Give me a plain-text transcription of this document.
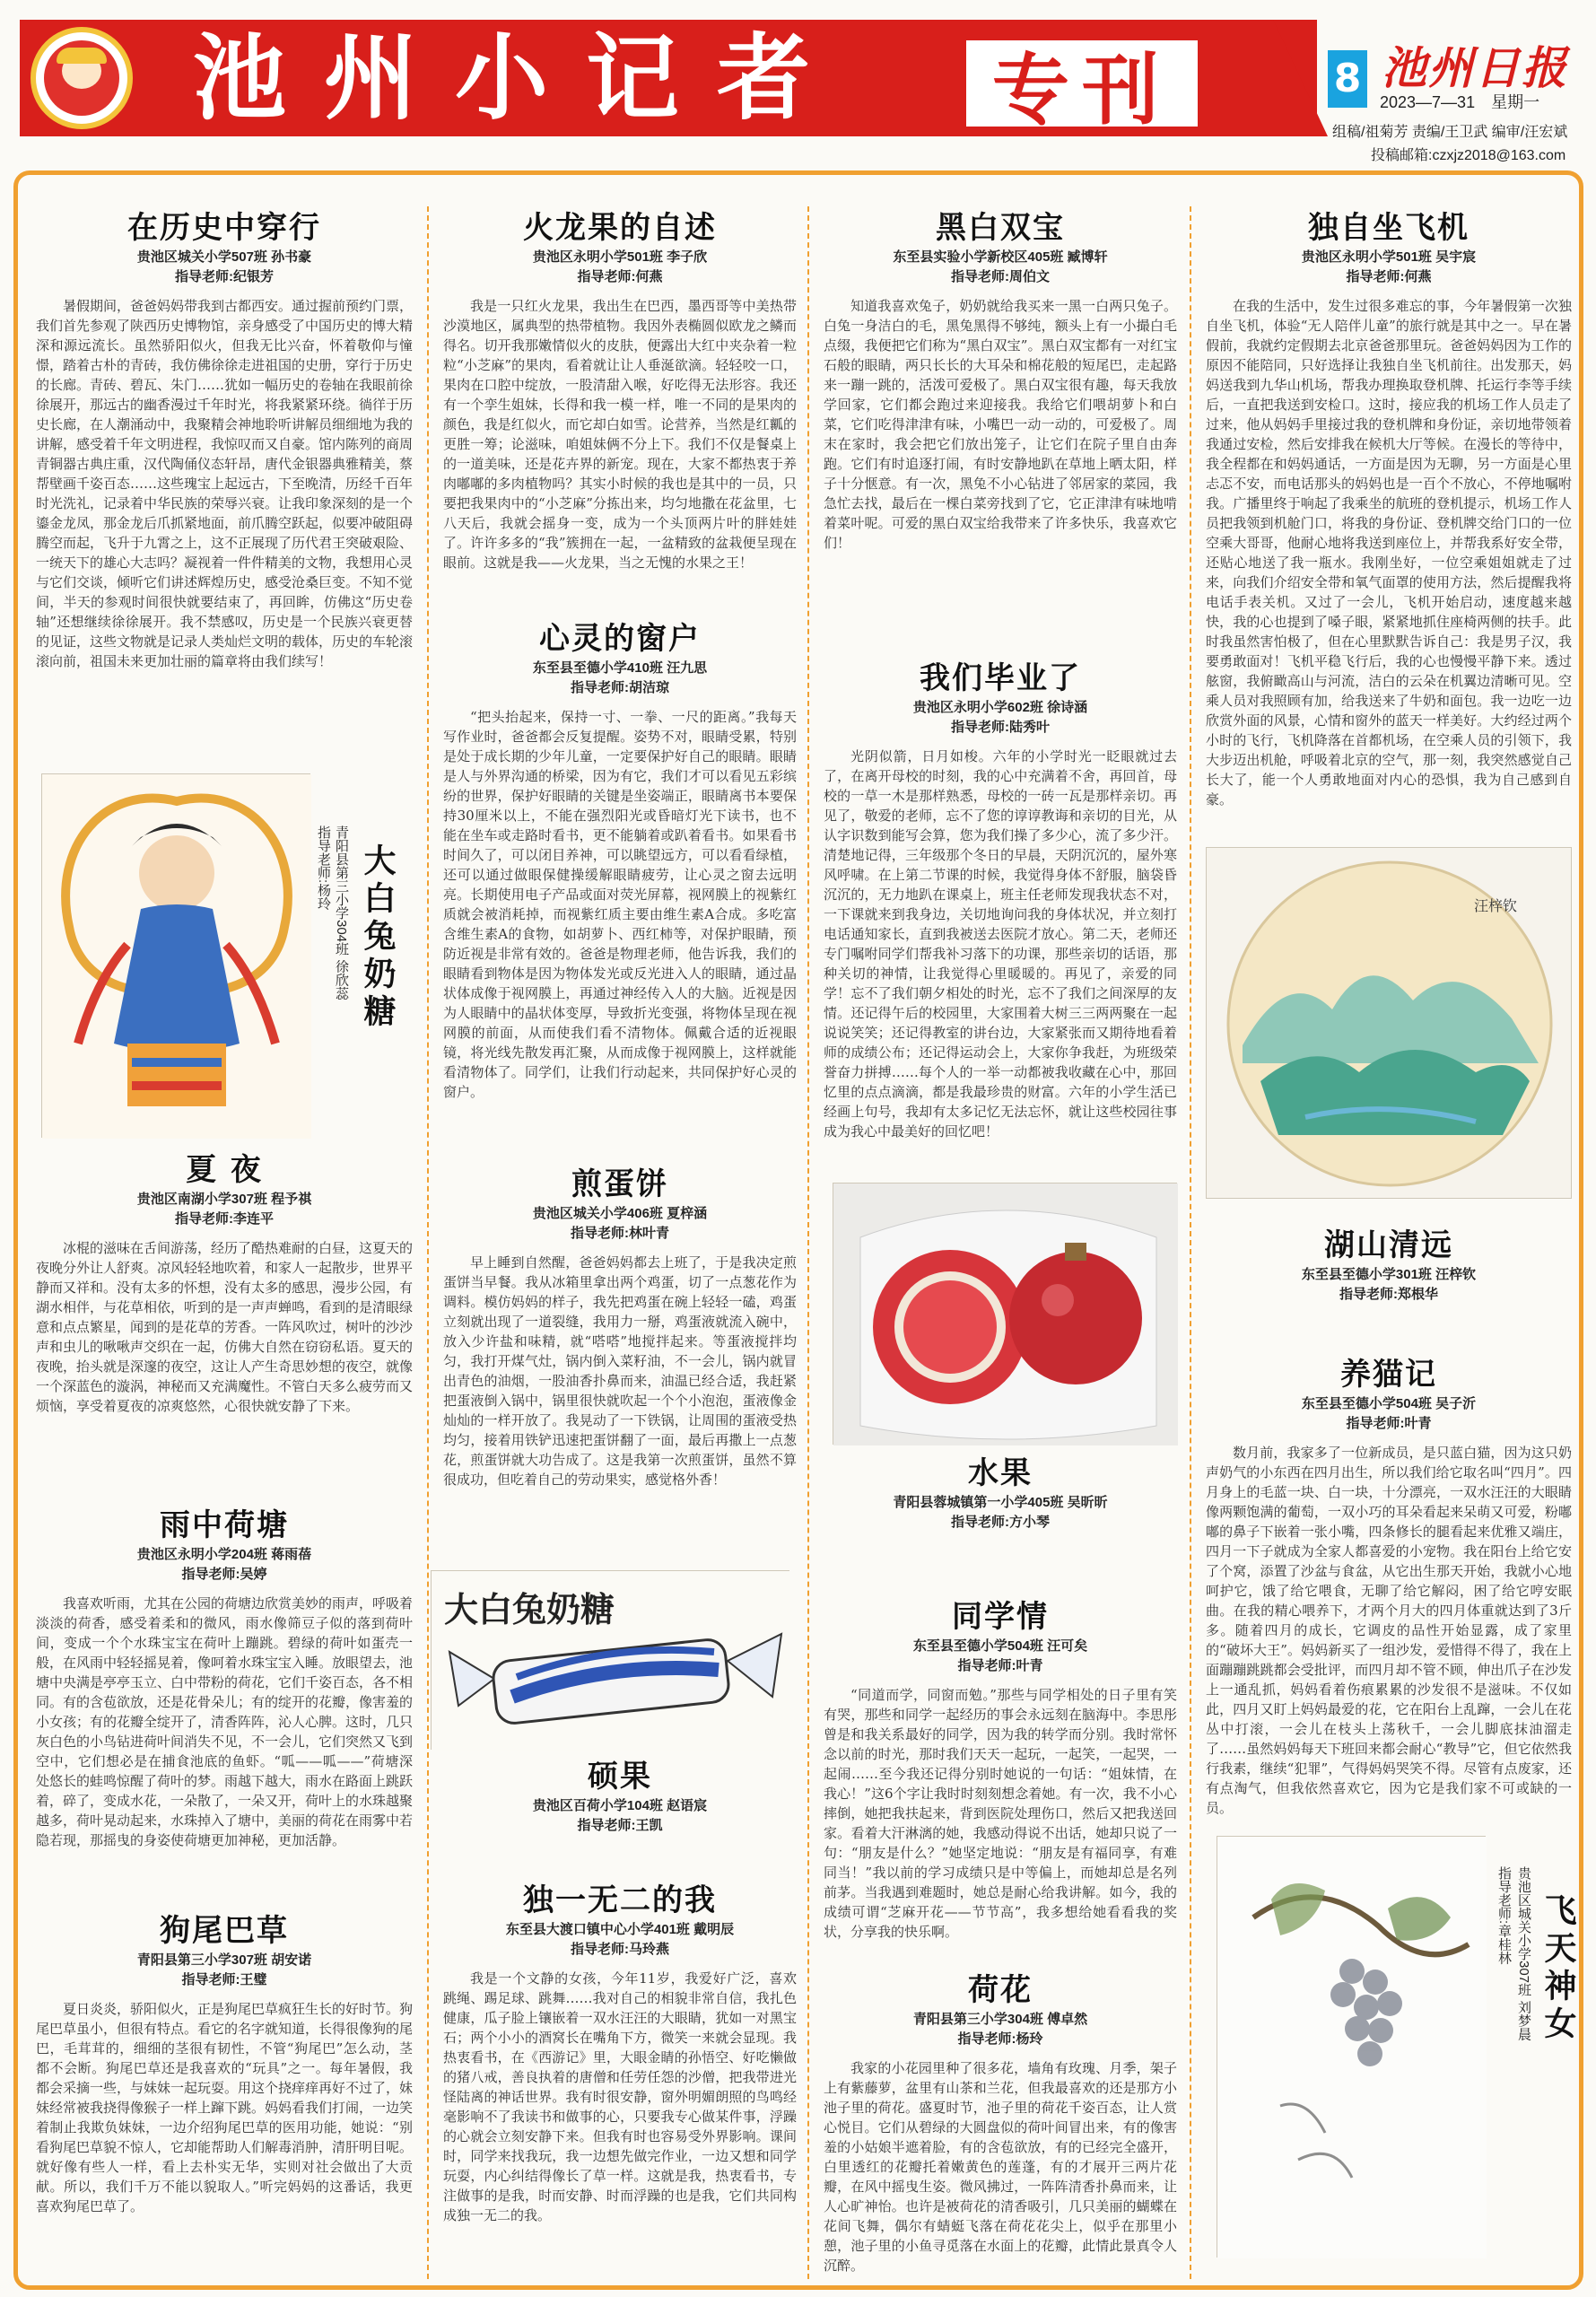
池州小记者 专刊	8 池州日报
2023—7—31　星期一
组稿/祖菊芳 责编/王卫武 编审/汪宏斌
投稿邮箱:czxjz2018@163.com
在历史中穿行
贵池区城关小学507班 孙书豪
指导老师:纪银芳
暑假期间，爸爸妈妈带我到古都西安。通过握前预约门票，我们首先参观了陕西历史博物馆，亲身感受了中国历史的博大精深和源远流长。虽然骄阳似火，但我无比兴奋，怀着敬仰与憧憬，踏着古朴的青砖，我仿佛徐徐走进祖国的史册，穿行于历史的长廊。青砖、碧瓦、朱门……犹如一幅历史的卷轴在我眼前徐徐展开，那远古的幽香漫过千年时光，将我紧紧环绕。徜徉于历史长廊，在人潮涌动中，我聚精会神地聆听讲解员细细地为我的讲解，感受着千年文明进程，我惊叹而又自豪。馆内陈列的商周青铜器古典庄重，汉代陶俑仪态轩昂，唐代金银器典雅精美，蔡帮壁画千姿百态……这些瑰宝上起远古，下至晚清，历经千百年时光洗礼，记录着中华民族的荣辱兴衰。让我印象深刻的是一个鎏金龙凤，那金龙后爪抓紧地面，前爪腾空跃起，似要冲破阻碍腾空而起，飞升于九霄之上，这不正展现了历代君王突破艰险、一统天下的雄心大志吗？凝视着一件件精美的文物，我想用心灵与它们交谈，倾听它们讲述辉煌历史，感受沧桑巨变。不知不觉间，半天的参观时间很快就要结束了，再回眸，仿佛这“历史卷轴”还想继续徐徐展开。我不禁感叹，历史是一个民族兴衰更替的见证，这些文物就是记录人类灿烂文明的载体，历史的车轮滚滚向前，祖国未来更加壮丽的篇章将由我们续写！
大白兔奶糖
青阳县第三小学304班 徐欣蕊
指导老师:杨玲
夏 夜
贵池区南湖小学307班 程予祺
指导老师:李连平
冰棍的滋味在舌间游荡，经历了酷热难耐的白昼，这夏天的夜晚分外让人舒爽。凉风轻轻地吹着，和家人一起散步，世界平静而又祥和。没有太多的怀想，没有太多的感思，漫步公园，有湖水相伴，与花草相依，听到的是一声声蝉鸣，看到的是清眼绿意和点点繁星，闻到的是花草的芳香。一阵风吹过，树叶的沙沙声和虫儿的啾啾声交织在一起，仿佛大自然在窃窃私语。夏天的夜晚，抬头就是深邃的夜空，这让人产生奇思妙想的夜空，就像一个深蓝色的漩涡，神秘而又充满魔性。不管白天多么疲劳而又烦恼，享受着夏夜的凉爽悠然，心很快就安静了下来。
雨中荷塘
贵池区永明小学204班 蒋雨蓓
指导老师:吴婷
我喜欢听雨，尤其在公园的荷塘边欣赏美妙的雨声，呼吸着淡淡的荷香，感受着柔和的微风，雨水像筛豆子似的落到荷叶间，变成一个个水珠宝宝在荷叶上蹦跳。碧绿的荷叶如蛋壳一般，在风雨中轻轻摇晃着，像呵着水珠宝宝入睡。放眼望去，池塘中央满是亭亭玉立、白中带粉的荷花，它们千姿百态，各不相同。有的含苞欲放，还是花骨朵儿；有的绽开的花瓣，像害羞的小女孩；有的花瓣全绽开了，清香阵阵，沁人心脾。这时，几只灰白色的小鸟钻进荷叶间消失不见，不一会儿，它们突然又飞到空中，它们想必是在捕食池底的鱼虾。“呱——呱——”荷塘深处悠长的蛙鸣惊醒了荷叶的梦。雨越下越大，雨水在路面上跳跃着，碎了，变成水花，一朵散了，一朵又开，荷叶上的水珠越聚越多，荷叶晃动起来，水珠掉入了塘中，美丽的荷花在雨雾中若隐若现，那摇曳的身姿使荷塘更加神秘，更加活静。
狗尾巴草
青阳县第三小学307班 胡安诺
指导老师:王璧
夏日炎炎，骄阳似火，正是狗尾巴草疯狂生长的好时节。狗尾巴草虽小，但很有特点。看它的名字就知道，长得很像狗的尾巴，毛茸茸的，细细的茎很有韧性，不管“狗尾巴”怎么动，茎都不会断。狗尾巴草还是我喜欢的“玩具”之一。每年暑假，我都会采摘一些，与妹妹一起玩耍。用这个挠痒痒再好不过了，妹妹经常被我挠得像猴子一样上蹿下跳。妈妈看我们打闹，一边笑着制止我欺负妹妹，一边介绍狗尾巴草的医用功能，她说：“别看狗尾巴草貌不惊人，它却能帮助人们解毒消肿，清肝明目呢。就好像有些人一样，看上去朴实无华，实则对社会做出了大贡献。所以，我们千万不能以貌取人。”听完妈妈的这番话，我更喜欢狗尾巴草了。
火龙果的自述
贵池区永明小学501班 李子欣
指导老师:何燕
我是一只红火龙果，我出生在巴西，墨西哥等中美热带沙漠地区，属典型的热带植物。我因外表椭圆似欧龙之鳞而得名。切开我那嫩情似火的皮肤，便露出大红中夹杂着一粒粒“小芝麻”的果肉，看着就让让人垂涎欲滴。轻轻咬一口，果肉在口腔中绽放，一股清甜入喉，好吃得无法形容。我还有一个孪生姐妹，长得和我一模一样，唯一不同的是果肉的颜色，我是红似火，而它却白如雪。论营养，当然是红瓤的更胜一筹；论滋味，咱姐妹俩不分上下。我们不仅是餐桌上的一道美味，还是花卉界的新宠。现在，大家不都热衷于养肉嘟嘟的多肉植物吗？其实小时候的我也是其中的一员，只要把我果肉中的“小芝麻”分拣出来，均匀地撒在花盆里，七八天后，我就会摇身一变，成为一个头顶两片叶的胖娃娃了。许许多多的“我”簇拥在一起，一盆精致的盆栽便呈现在眼前。这就是我——火龙果，当之无愧的水果之王！
心灵的窗户
东至县至德小学410班 汪九思
指导老师:胡洁琼
“把头抬起来，保持一寸、一拳、一尺的距离。”我每天写作业时，爸爸都会反复提醒。姿势不对，眼睛受累，特别是处于成长期的少年儿童，一定要保护好自己的眼睛。眼睛是人与外界沟通的桥梁，因为有它，我们才可以看见五彩缤纷的世界，保护好眼睛的关键是坐姿端正，眼睛离书本要保持30厘米以上，不能在强烈阳光或昏暗灯光下读书，也不能在坐车或走路时看书，更不能躺着或趴着看书。如果看书时间久了，可以闭目养神，可以眺望远方，可以看看绿植，还可以通过做眼保健操缓解眼睛疲劳，让心灵之窗去远明亮。长期使用电子产品或面对荧光屏幕，视网膜上的视紫红质就会被消耗掉，而视紫红质主要由维生素A合成。多吃富含维生素A的食物，如胡萝卜、西红柿等，对保护眼睛，预防近视是非常有效的。爸爸是物理老师，他告诉我，我们的眼睛看到物体是因为物体发光或反光进入人的眼睛，通过晶状体成像于视网膜上，再通过神经传入人的大脑。近视是因为人眼睛中的晶状体变厚，导致折光变强，将物体呈现在视网膜的前面，从而使我们看不清物体。佩戴合适的近视眼镜，将光线先散发再汇聚，从而成像于视网膜上，这样就能看清物体了。同学们，让我们行动起来，共同保护好心灵的窗户。
煎蛋饼
贵池区城关小学406班 夏梓涵
指导老师:林叶青
早上睡到自然醒，爸爸妈妈都去上班了，于是我决定煎蛋饼当早餐。我从冰箱里拿出两个鸡蛋，切了一点葱花作为调料。模仿妈妈的样子，我先把鸡蛋在碗上轻轻一磕，鸡蛋立刻就出现了一道裂缝，我用力一掰，鸡蛋液就流入碗中，放入少许盐和味精，就“嗒嗒”地搅拌起来。等蛋液搅拌均匀，我打开煤气灶，锅内倒入菜籽油，不一会儿，锅内就冒出青色的油烟，一股油香扑鼻而来，油温已经合适，我赶紧把蛋液倒入锅中，锅里很快就吹起一个个小泡泡，蛋液像金灿灿的一样开放了。我晃动了一下铁锅，让周围的蛋液受热均匀，接着用铁铲迅速把蛋饼翻了一面，最后再撒上一点葱花，煎蛋饼就大功告成了。这是我第一次煎蛋饼，虽然不算很成功，但吃着自己的劳动果实，感觉格外香！
大白兔奶糖
硕果
贵池区百荷小学104班 赵语宸
指导老师:王凯
独一无二的我
东至县大渡口镇中心小学401班 戴明辰
指导老师:马玲燕
我是一个文静的女孩，今年11岁，我爱好广泛，喜欢跳绳、踢足球、跳舞……我对自己的相貌非常自信，我扎色健康，瓜子脸上镶嵌着一双水汪汪的大眼睛，犹如一对黑宝石；两个小小的酒窝长在嘴角下方，微笑一来就会显现。我热衷看书，在《西游记》里，大眼金睛的孙悟空、好吃懒做的猪八戒，善良执着的唐僧和任劳任怨的沙僧，把我带进光怪陆离的神话世界。我有时很安静，窗外明媚朗照的鸟鸣经毫影响不了我读书和做事的心，只要我专心做某件事，浮躁的心就会立刻安静下来。但我有时也容易受外界影响。课间时，同学来找我玩，我一边想先做完作业，一边又想和同学玩耍，内心纠结得像长了草一样。这就是我，热衷看书，专注做事的是我，时而安静、时而浮躁的也是我，它们共同构成独一无二的我。
黑白双宝
东至县实验小学新校区405班 臧博轩
指导老师:周伯文
知道我喜欢兔子，奶奶就给我买来一黑一白两只兔子。白兔一身洁白的毛，黑兔黑得不够纯，额头上有一小撮白毛点缀，我便把它们称为“黑白双宝”。黑白双宝都有一对红宝石般的眼睛，两只长长的大耳朵和棉花般的短尾巴，走起路来一蹦一跳的，活泼可爱极了。黑白双宝很有趣，每天我放学回家，它们都会跑过来迎接我。我给它们喂胡萝卜和白菜，它们吃得津津有味，小嘴巴一动一动的，可爱极了。周末在家时，我会把它们放出笼子，让它们在院子里自由奔跑。它们有时追逐打闹，有时安静地趴在草地上晒太阳，样子十分惬意。有一次，黑兔不小心钻进了邻居家的菜园，我急忙去找，最后在一棵白菜旁找到了它，它正津津有味地啃着菜叶呢。可爱的黑白双宝给我带来了许多快乐，我喜欢它们！
我们毕业了
贵池区永明小学602班 徐诗涵
指导老师:陆秀叶
光阴似箭，日月如梭。六年的小学时光一眨眼就过去了，在离开母校的时刻，我的心中充满着不舍，再回首，母校的一草一木是那样熟悉，母校的一砖一瓦是那样亲切。再见了，敬爱的老师，忘不了您的谆谆教诲和亲切的目光，从认字识数到能写会算，您为我们操了多少心，流了多少汗。清楚地记得，三年级那个冬日的早晨，天阴沉沉的，屋外寒风呼啸。在上第二节课的时候，我觉得身体不舒服，脑袋昏沉沉的，无力地趴在课桌上，班主任老师发现我状态不对，一下课就来到我身边，关切地询问我的身体状况，并立刻打电话通知家长，直到我被送去医院才放心。第二天，老师还专门嘱咐同学们帮我补习落下的功课，那些亲切的话语，那种关切的神情，让我觉得心里暖暖的。再见了，亲爱的同学！忘不了我们朝夕相处的时光，忘不了我们之间深厚的友情。还记得午后的校园里，大家围着大树三三两两聚在一起说说笑笑；还记得教室的讲台边，大家紧张而又期待地看着师的成绩公布；还记得运动会上，大家你争我赶，为班级荣誉奋力拼搏……每个人的一举一动都被我收藏在心中，那回忆里的点点滴滴，都是我最珍贵的财富。六年的小学生活已经画上句号，我却有太多记忆无法忘怀，就让这些校园往事成为我心中最美好的回忆吧！
水果
青阳县蓉城镇第一小学405班 吴昕昕
指导老师:方小琴
同学情
东至县至德小学504班 汪可矣
指导老师:叶青
“同道而学，同窗而勉。”那些与同学相处的日子里有笑有哭，那些和同学一起经历的事会永远刻在脑海中。李思彤曾是和我关系最好的同学，因为我的转学而分别。我时常怀念以前的时光，那时我们天天一起玩，一起笑，一起哭，一起闹……至今我还记得分别时她说的一句话：“姐妹情，在我心！”这6个字让我时时刻刻想念着她。有一次，我不小心摔倒，她把我扶起来，背到医院处理伤口，然后又把我送回家。看着大汗淋漓的她，我感动得说不出话，她却只说了一句：“朋友是什么？”她坚定地说：“朋友是有福同享，有难同当！”我以前的学习成绩只是中等偏上，而她却总是名列前茅。当我遇到难题时，她总是耐心给我讲解。如今，我的成绩可谓“芝麻开花——节节高”，我多想给她看看我的奖状，分享我的快乐啊。
荷花
青阳县第三小学304班 傅卓然
指导老师:杨玲
我家的小花园里种了很多花，墙角有玫瑰、月季，架子上有紫藤萝，盆里有山茶和兰花，但我最喜欢的还是那方小池子里的荷花。盛夏时节，池子里的荷花千姿百态，让人赏心悦目。它们从碧绿的大圆盘似的荷叶间冒出来，有的像害羞的小姑娘半遮着脸，有的含苞欲放，有的已经完全盛开，白里透红的花瓣托着嫩黄色的莲蓬，有的才展开三两片花瓣，在风中摇曳生姿。微风拂过，一阵阵清香扑鼻而来，让人心旷神怡。也许是被荷花的清香吸引，几只美丽的蝴蝶在花间飞舞，偶尔有蜻蜓飞落在荷花花尖上，似乎在那里小憩，池子里的小鱼寻觅落在水面上的花瓣，此情此景真令人沉醉。
独自坐飞机
贵池区永明小学501班 吴宇宸
指导老师:何燕
在我的生活中，发生过很多难忘的事，今年暑假第一次独自坐飞机，体验“无人陪伴儿童”的旅行就是其中之一。早在暑假前，我就约定假期去北京爸爸那里玩。爸爸妈妈因为工作的原因不能陪同，只好选择让我独自坐飞机前往。出发那天，妈妈送我到九华山机场，帮我办理换取登机牌、托运行李等手续后，一直把我送到安检口。这时，接应我的机场工作人员走了过来，他从妈妈手里接过我的登机牌和身份证，亲切地带领着我通过安检，然后安排我在候机大厅等候。在漫长的等待中，我全程都在和妈妈通话，一方面是因为无聊，另一方面是心里忐忑不安，而电话那头的妈妈也是一百个不放心，不停地嘱咐我。广播里终于响起了我乘坐的航班的登机提示，机场工作人员把我领到机舱门口，将我的身份证、登机牌交给门口的一位空乘大哥哥，他耐心地将我送到座位上，并帮我系好安全带，还贴心地送了我一瓶水。我刚坐好，一位空乘姐姐就走了过来，向我们介绍安全带和氧气面罩的使用方法，然后提醒我将电话手表关机。又过了一会儿，飞机开始启动，速度越来越快，我的心也提到了嗓子眼，紧紧地抓住座椅两侧的扶手。此时我虽然害怕极了，但在心里默默告诉自己：我是男子汉，我要勇敢面对！飞机平稳飞行后，我的心也慢慢平静下来。透过舷窗，我俯瞰高山与河流，洁白的云朵在机翼边清晰可见。空乘人员对我照顾有加，给我送来了牛奶和面包。我一边吃一边欣赏外面的风景，心情和窗外的蓝天一样美好。大约经过两个小时的飞行，飞机降落在首都机场，在空乘人员的引领下，我大步迈出机舱，呼吸着北京的空气，那一刻，我突然感觉自己长大了，能一个人勇敢地面对内心的恐惧，我为自己感到自豪。
汪梓钦
湖山清远
东至县至德小学301班 汪梓钦
指导老师:郑根华
养猫记
东至县至德小学504班 吴子沂
指导老师:叶青
数月前，我家多了一位新成员，是只蓝白猫，因为这只奶声奶气的小东西在四月出生，所以我们给它取名叫“四月”。四月身上的毛蓝一块、白一块，十分漂亮，一双水汪汪的大眼睛像两颗饱满的葡萄，一双小巧的耳朵看起来呆萌又可爱，粉嘟嘟的鼻子下嵌着一张小嘴，四条修长的腿看起来优雅又端庄，四月一下子就成为全家人都喜爱的小宠物。我在阳台上给它安了个窝，添置了沙盆与食盆，从它出生那天开始，我就小心地呵护它，饿了给它喂食，无聊了给它解闷，困了给它哼安眠曲。在我的精心喂养下，才两个月大的四月体重就达到了3斤多。随着四月的成长，它调皮的品性开始显露，成了家里的“破坏大王”。妈妈新买了一组沙发，爱惜得不得了，我在上面蹦蹦跳跳都会受批评，而四月却不管不顾，伸出爪子在沙发上一通乱抓，妈妈看着伤痕累累的沙发很不是滋味。不仅如此，四月又盯上妈妈最爱的花，它在阳台上乱蹿，一会儿在花丛中打滚，一会儿在枝头上荡秋千，一会儿脚底抹油溜走了……虽然妈妈每天下班回来都会耐心“教导”它，但它依然我行我素，继续“犯罪”，气得妈妈哭笑不得。尽管有点废家，还有点淘气，但我依然喜欢它，因为它是我们家不可或缺的一员。
飞天神女
贵池区城关小学307班 刘梦晨
指导老师:章桂林
